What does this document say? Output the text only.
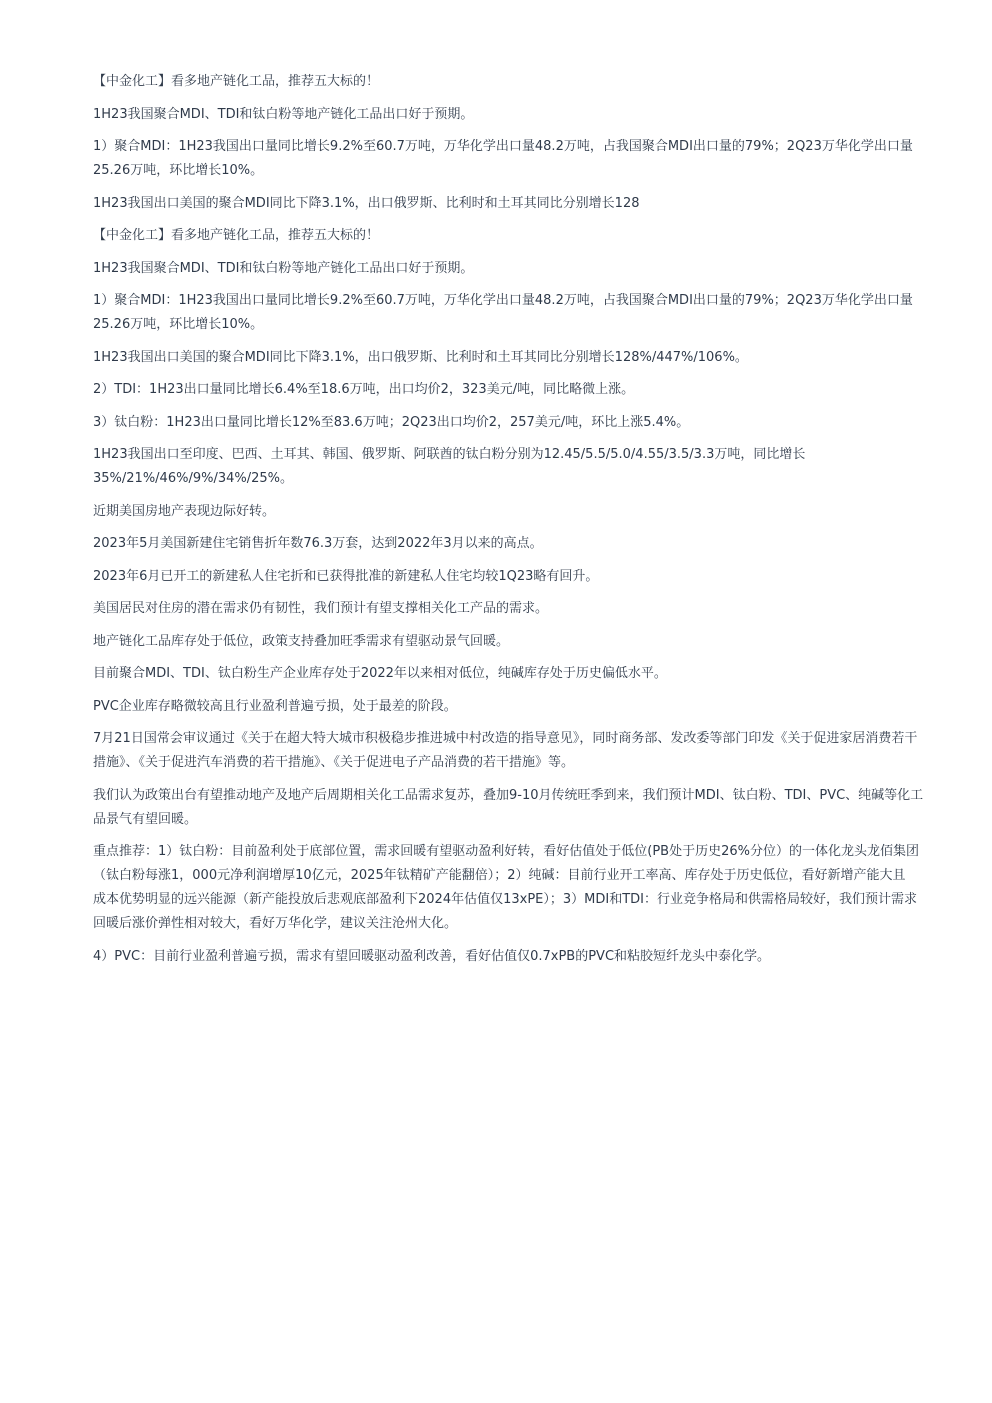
【中金化工】看多地产链化工品，推荐五大标的！

1H23我国聚合MDI、TDI和钛白粉等地产链化工品出口好于预期。

1）聚合MDI：1H23我国出口量同比增长9.2%至60.7万吨，万华化学出口量48.2万吨，占我国聚合MDI出口量的79%；2Q23万华化学出口量
25.26万吨，环比增长10%。

1H23我国出口美国的聚合MDI同比下降3.1%，出口俄罗斯、比利时和土耳其同比分别增长128

【中金化工】看多地产链化工品，推荐五大标的！

1H23我国聚合MDI、TDI和钛白粉等地产链化工品出口好于预期。

1）聚合MDI：1H23我国出口量同比增长9.2%至60.7万吨，万华化学出口量48.2万吨，占我国聚合MDI出口量的79%；2Q23万华化学出口量
25.26万吨，环比增长10%。

1H23我国出口美国的聚合MDI同比下降3.1%，出口俄罗斯、比利时和土耳其同比分别增长128%/447%/106%。

2）TDI：1H23出口量同比增长6.4%至18.6万吨，出口均价2，323美元/吨，同比略微上涨。

3）钛白粉：1H23出口量同比增长12%至83.6万吨；2Q23出口均价2，257美元/吨，环比上涨5.4%。

1H23我国出口至印度、巴西、土耳其、韩国、俄罗斯、阿联酋的钛白粉分别为12.45/5.5/5.0/4.55/3.5/3.3万吨，同比增长
35%/21%/46%/9%/34%/25%。

近期美国房地产表现边际好转。

2023年5月美国新建住宅销售折年数76.3万套，达到2022年3月以来的高点。

2023年6月已开工的新建私人住宅折和已获得批准的新建私人住宅均较1Q23略有回升。

美国居民对住房的潜在需求仍有韧性，我们预计有望支撑相关化工产品的需求。

地产链化工品库存处于低位，政策支持叠加旺季需求有望驱动景气回暖。

目前聚合MDI、TDI、钛白粉生产企业库存处于2022年以来相对低位，纯碱库存处于历史偏低水平。

PVC企业库存略微较高且行业盈利普遍亏损，处于最差的阶段。

7月21日国常会审议通过《关于在超大特大城市积极稳步推进城中村改造的指导意见》，同时商务部、发改委等部门印发《关于促进家居消费若干
措施》、《关于促进汽车消费的若干措施》、《关于促进电子产品消费的若干措施》等。

我们认为政策出台有望推动地产及地产后周期相关化工品需求复苏，叠加9-10月传统旺季到来，我们预计MDI、钛白粉、TDI、PVC、纯碱等化工
品景气有望回暖。

重点推荐：1）钛白粉：目前盈利处于底部位置，需求回暖有望驱动盈利好转，看好估值处于低位(PB处于历史26%分位）的一体化龙头龙佰集团
（钛白粉每涨1，000元净利润增厚10亿元，2025年钛精矿产能翻倍）；2）纯碱：目前行业开工率高、库存处于历史低位，看好新增产能大且
成本优势明显的远兴能源（新产能投放后悲观底部盈利下2024年估值仅13xPE）；3）MDI和TDI：行业竞争格局和供需格局较好，我们预计需求
回暖后涨价弹性相对较大，看好万华化学，建议关注沧州大化。

4）PVC：目前行业盈利普遍亏损，需求有望回暖驱动盈利改善，看好估值仅0.7xPB的PVC和粘胶短纤龙头中泰化学。
